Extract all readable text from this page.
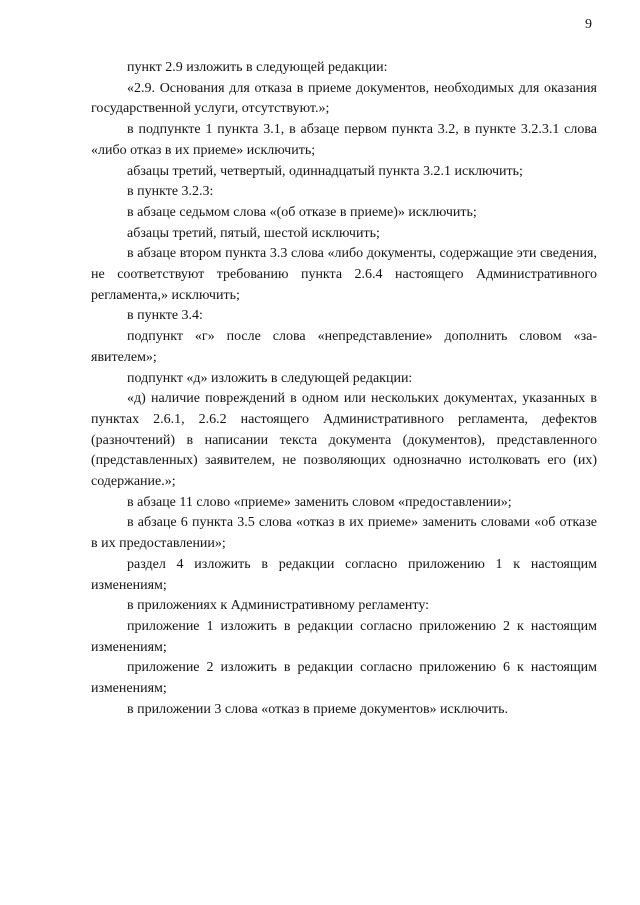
9

пункт 2.9 изложить в следующей редакции:

«2.9. Основания для отказа в приеме документов, необходимых для оказания государственной услуги, отсутствуют.»;

в подпункте 1 пункта 3.1, в абзаце первом пункта 3.2, в пункте 3.2.3.1 слова «либо отказ в их приеме» исключить;

абзацы третий, четвертый, одиннадцатый пункта 3.2.1 исключить;

в пункте 3.2.3:

в абзаце седьмом слова «(об отказе в приеме)» исключить;

абзацы третий, пятый, шестой исключить;

в абзаце втором пункта 3.3 слова «либо документы, содержащие эти сведения, не соответствуют требованию пункта 2.6.4 настоящего Административного регламента,» исключить;

в пункте 3.4:

подпункт «г» после слова «непредставление» дополнить словом «заявителем»;

подпункт «д» изложить в следующей редакции:

«д) наличие повреждений в одном или нескольких документах, указанных в пунктах 2.6.1, 2.6.2 настоящего Административного регламента, дефектов (разночтений) в написании текста документа (документов), представленного (представленных) заявителем, не позволяющих однозначно истолковать его (их) содержание.»;

в абзаце 11 слово «приеме» заменить словом «предоставлении»;

в абзаце 6 пункта 3.5 слова «отказ в их приеме» заменить словами «об отказе в их предоставлении»;

раздел 4 изложить в редакции согласно приложению 1 к настоящим изменениям;

в приложениях к Административному регламенту:

приложение 1 изложить в редакции согласно приложению 2 к настоящим изменениям;

приложение 2 изложить в редакции согласно приложению 6 к настоящим изменениям;

в приложении 3 слова «отказ в приеме документов» исключить.
